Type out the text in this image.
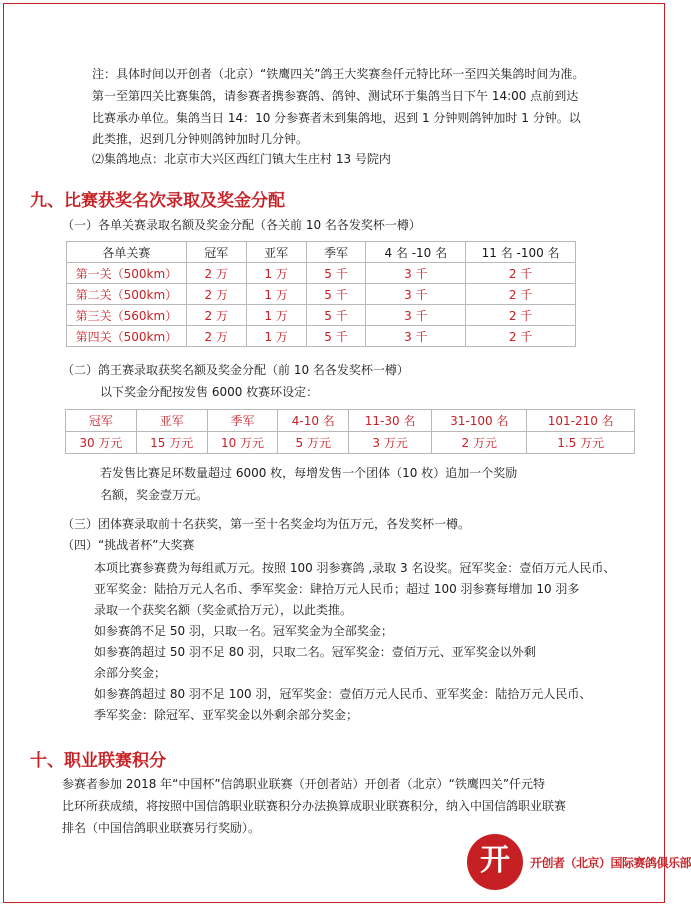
注：具体时间以开创者（北京）“铁鹰四关”鸽王大奖赛叁仟元特比环一至四关集鸽时间为准。
第一至第四关比赛集鸽，请参赛者携参赛鸽、鸽钟、测试环于集鸽当日下午 14:00 点前到达
比赛承办单位。集鸽当日 14：10 分参赛者未到集鸽地，迟到 1 分钟则鸽钟加时 1 分钟。以
此类推，迟到几分钟则鸽钟加时几分钟。
⑵集鸽地点：北京市大兴区西红门镇大生庄村 13 号院内
九、比赛获奖名次录取及奖金分配
（一）各单关赛录取名额及奖金分配（各关前 10 名各发奖杯一樽）
各单关赛	冠军	亚军	季军	4 名 -10 名	11 名 -100 名
第一关（500km）	2 万	1 万	5 千	3 千	2 千
第二关（500km）	2 万	1 万	5 千	3 千	2 千
第三关（560km）	2 万	1 万	5 千	3 千	2 千
第四关（500km）	2 万	1 万	5 千	3 千	2 千
（二）鸽王赛录取获奖名额及奖金分配（前 10 名各发奖杯一樽）
以下奖金分配按发售 6000 枚赛环设定：
冠军	亚军	季军	4-10 名	11-30 名	31-100 名	101-210 名
30 万元	15 万元	10 万元	5 万元	3 万元	2 万元	1.5 万元
若发售比赛足环数量超过 6000 枚，每增发售一个团体（10 枚）追加一个奖励
名额，奖金壹万元。
（三）团体赛录取前十名获奖，第一至十名奖金均为伍万元，各发奖杯一樽。
（四）“挑战者杯”大奖赛
本项比赛参赛费为每组贰万元。按照 100 羽参赛鸽 ,录取 3 名设奖。冠军奖金：壹佰万元人民币、
亚军奖金：陆拾万元人名币、季军奖金：肆拾万元人民币；超过 100 羽参赛每增加 10 羽多
录取一个获奖名额（奖金贰拾万元），以此类推。
如参赛鸽不足 50 羽，只取一名。冠军奖金为全部奖金；
如参赛鸽超过 50 羽不足 80 羽，只取二名。冠军奖金：壹佰万元、亚军奖金以外剩
余部分奖金；
如参赛鸽超过 80 羽不足 100 羽，冠军奖金：壹佰万元人民币、亚军奖金：陆拾万元人民币、
季军奖金：除冠军、亚军奖金以外剩余部分奖金；
十、职业联赛积分
参赛者参加 2018 年“中国杯”信鸽职业联赛（开创者站）开创者（北京）“铁鹰四关”仟元特
比环所获成绩，将按照中国信鸽职业联赛积分办法换算成职业联赛积分，纳入中国信鸽职业联赛
排名（中国信鸽职业联赛另行奖励）。
开	开创者（北京）国际赛鸽俱乐部
